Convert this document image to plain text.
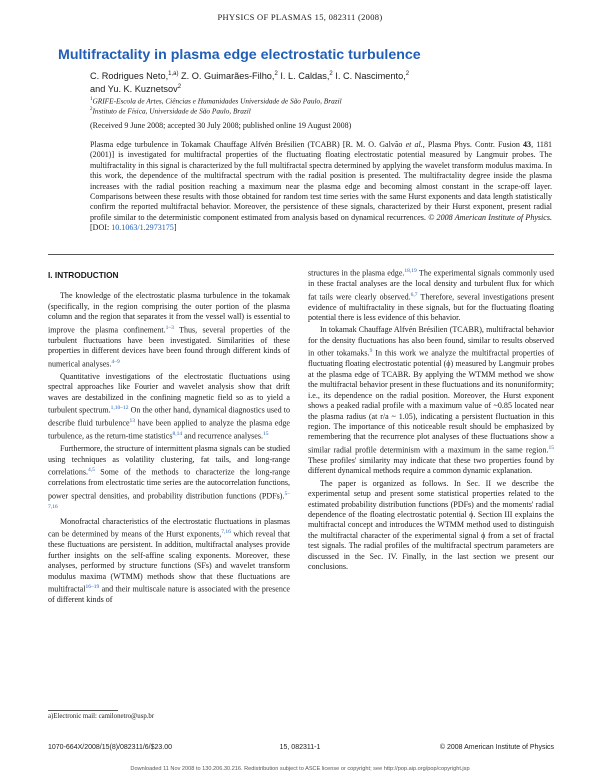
PHYSICS OF PLASMAS 15, 082311 (2008)
Multifractality in plasma edge electrostatic turbulence
C. Rodrigues Neto,$^{1,a)}$ Z. O. Guimarães-Filho,$^2$ I. L. Caldas,$^2$ I. C. Nascimento,$^2$
and Yu. K. Kuznetsov$^2$
$^1$GRIFE-Escola de Artes, Ciências e Humanidades Universidade de São Paulo, Brazil
$^2$Instituto de Física, Universidade de São Paulo, Brazil
(Received 9 June 2008; accepted 30 July 2008; published online 19 August 2008)

Plasma edge turbulence in Tokamak Chauffage Alfvén Brésilien (TCABR) [R. M. O. Galvão et al., Plasma Phys. Contr. Fusion 43, 1181 (2001)] is investigated for multifractal properties of the fluctuating floating electrostatic potential measured by Langmuir probes. The multifractality in this signal is characterized by the full multifractal spectra determined by applying the wavelet transform modulus maxima. In this work, the dependence of the multifractal spectrum with the radial position is presented. The multifractality degree inside the plasma increases with the radial position reaching a maximum near the plasma edge and becoming almost constant in the scrape-off layer. Comparisons between these results with those obtained for random test time series with the same Hurst exponents and data length statistically confirm the reported multifractal behavior. Moreover, the persistence of these signals, characterized by their Hurst exponent, present radial profile similar to the deterministic component estimated from analysis based on dynamical recurrences. © 2008 American Institute of Physics. [DOI: 10.1063/1.2973175]

I. INTRODUCTION

The knowledge of the electrostatic plasma turbulence in the tokamak (specifically, in the region comprising the outer portion of the plasma column and the region that separates it from the vessel wall) is essential to improve the plasma confinement.$^{1-3}$ Thus, several properties of the turbulent fluctuations have been investigated. Similarities of these properties in different devices have been found through different kinds of numerical analyses.$^{4-9}$

Quantitative investigations of the electrostatic fluctuations using spectral approaches like Fourier and wavelet analysis show that drift waves are destabilized in the confining magnetic field so as to yield a turbulent spectrum.$^{1,10-12}$ On the other hand, dynamical diagnostics used to describe fluid turbulence$^{13}$ have been applied to analyze the plasma edge turbulence, as the return-time statistics$^{8,14}$ and recurrence analyses.$^{15}$

Furthermore, the structure of intermittent plasma signals can be studied using techniques as volatility clustering, fat tails, and long-range correlations.$^{4,5}$ Some of the methods to characterize the long-range correlations from electrostatic time series are the autocorrelation functions, power spectral densities, and probability distribution functions (PDFs).$^{5-7,16}$

Monofractal characteristics of the electrostatic fluctuations in plasmas can be determined by means of the Hurst exponents,$^{7,16}$ which reveal that these fluctuations are persistent. In addition, multifractal analyses provide further insights on the self-affine scaling exponents. Moreover, these analyses, performed by structure functions (SFs) and wavelet transform modulus maxima (WTMM) methods show that these fluctuations are multifractal$^{16-19}$ and their multiscale nature is associated with the presence of different kinds of

structures in the plasma edge.$^{18,19}$ The experimental signals commonly used in these fractal analyses are the local density and turbulent flux for which fat tails were clearly observed.$^{6,7}$ Therefore, several investigations present evidence of multifractality in these signals, but for the fluctuating floating potential there is less evidence of this behavior.

In tokamak Chauffage Alfvén Brésilien (TCABR), multifractal behavior for the density fluctuations has also been found, similar to results observed in other tokamaks.$^9$ In this work we analyze the multifractal properties of fluctuating floating electrostatic potential (ϕ) measured by Langmuir probes at the plasma edge of TCABR. By applying the WTMM method we show the multifractal behavior present in these fluctuations and its nonuniformity; i.e., its dependence on the radial position. Moreover, the Hurst exponent shows a peaked radial profile with a maximum value of ~0.85 located near the plasma radius (at r/a ~ 1.05), indicating a persistent fluctuation in this region. The importance of this noticeable result should be emphasized by remembering that the recurrence plot analyses of these fluctuations show a similar radial profile determinism with a maximum in the same region.$^{15}$ These profiles' similarity may indicate that these two properties found by different dynamical methods require a common dynamic explanation.

The paper is organized as follows. In Sec. II we describe the experimental setup and present some statistical properties related to the estimated probability distribution functions (PDFs) and the moments' radial dependence of the floating electrostatic potential ϕ. Section III explains the multifractal concept and introduces the WTMM method used to distinguish the multifractal character of the experimental signal ϕ from a set of fractal test signals. The radial profiles of the multifractal spectrum parameters are discussed in the Sec. IV. Finally, in the last section we present our conclusions.

a)Electronic mail: camilonetro@usp.br
1070-664X/2008/15(8)/082311/6/$23.00	15, 082311-1	© 2008 American Institute of Physics
Downloaded 11 Nov 2008 to 130.206.30.216. Redistribution subject to ASCE license or copyright; see http://pop.aip.org/pop/copyright.jsp
